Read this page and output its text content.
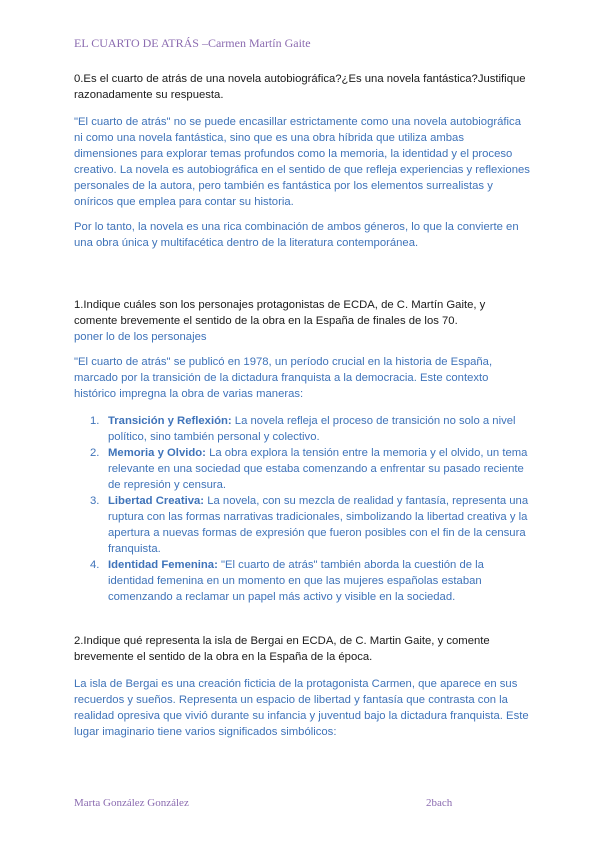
EL CUARTO DE ATRÁS –Carmen Martín Gaite

0.Es el cuarto de atrás de una novela autobiográfica?¿Es una novela fantástica?Justifique razonadamente su respuesta.

"El cuarto de atrás" no se puede encasillar estrictamente como una novela autobiográfica ni como una novela fantástica, sino que es una obra híbrida que utiliza ambas dimensiones para explorar temas profundos como la memoria, la identidad y el proceso creativo. La novela es autobiográfica en el sentido de que refleja experiencias y reflexiones personales de la autora, pero también es fantástica por los elementos surrealistas y oníricos que emplea para contar su historia.

Por lo tanto, la novela es una rica combinación de ambos géneros, lo que la convierte en una obra única y multifacética dentro de la literatura contemporánea.

1.Indique cuáles son los personajes protagonistas de ECDA, de C. Martín Gaite, y comente brevemente el sentido de la obra en la España de finales de los 70.

poner lo de los personajes

"El cuarto de atrás" se publicó en 1978, un período crucial en la historia de España, marcado por la transición de la dictadura franquista a la democracia. Este contexto histórico impregna la obra de varias maneras:

1. Transición y Reflexión: La novela refleja el proceso de transición no solo a nivel político, sino también personal y colectivo.
2. Memoria y Olvido: La obra explora la tensión entre la memoria y el olvido, un tema relevante en una sociedad que estaba comenzando a enfrentar su pasado reciente de represión y censura.
3. Libertad Creativa: La novela, con su mezcla de realidad y fantasía, representa una ruptura con las formas narrativas tradicionales, simbolizando la libertad creativa y la apertura a nuevas formas de expresión que fueron posibles con el fin de la censura franquista.
4. Identidad Femenina: "El cuarto de atrás" también aborda la cuestión de la identidad femenina en un momento en que las mujeres españolas estaban comenzando a reclamar un papel más activo y visible en la sociedad.

2.Indique qué representa la isla de Bergai en ECDA, de C. Martin Gaite, y comente brevemente el sentido de la obra en la España de la época.

La isla de Bergai es una creación ficticia de la protagonista Carmen, que aparece en sus recuerdos y sueños. Representa un espacio de libertad y fantasía que contrasta con la realidad opresiva que vivió durante su infancia y juventud bajo la dictadura franquista. Este lugar imaginario tiene varios significados simbólicos:

Marta González González	2bach
